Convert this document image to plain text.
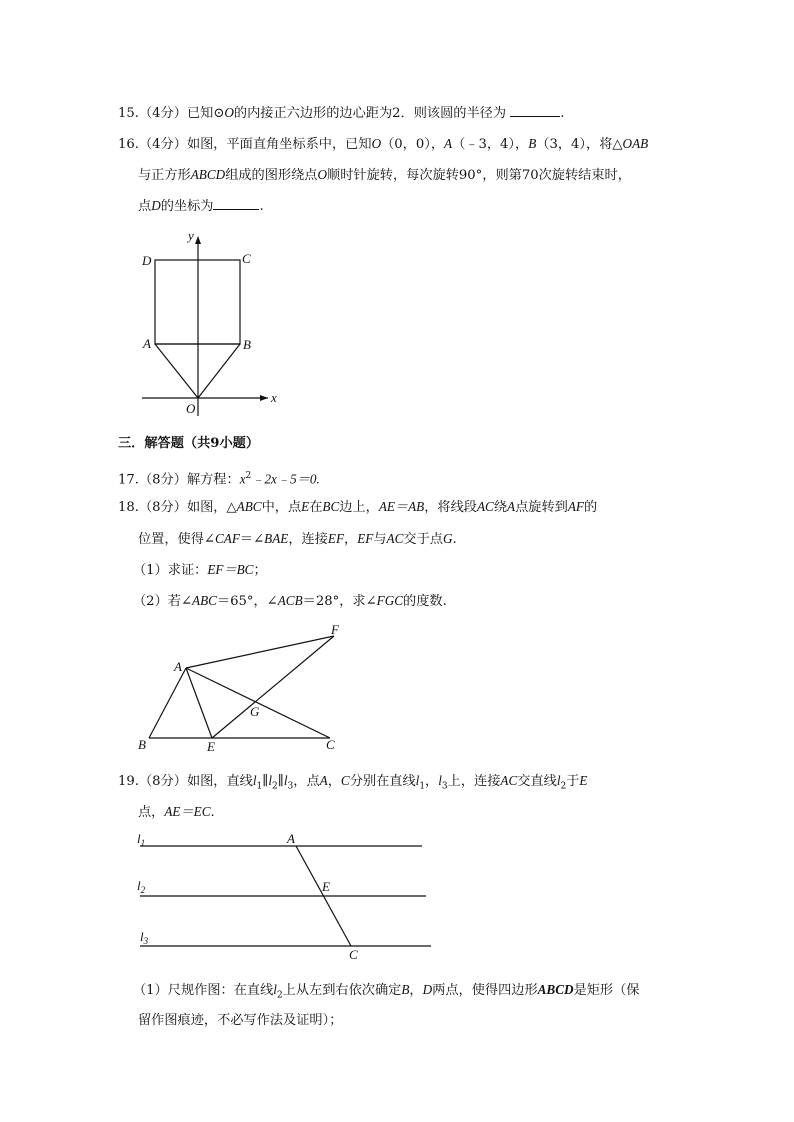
15.（4分）已知⊙O的内接正六边形的边心距为2．则该圆的半径为	.
16.（4分）如图，平面直角坐标系中，已知O（0，0），A（﹣3，4），B（3，4），将△OAB
与正方形ABCD组成的图形绕点O顺时针旋转，每次旋转90°，则第70次旋转结束时，
点D的坐标为	.
D	C
A	B
O
x
y
三．解答题（共9小题）
17.（8分）解方程：$x^2﹣2x﹣5=0$.
18.（8分）如图，△ABC中，点E在BC边上，AE＝AB，将线段AC绕A点旋转到AF的
位置，使得∠CAF＝∠BAE，连接EF，EF与AC交于点G.
（1）求证：EF＝BC；
（2）若∠ABC＝65°，∠ACB＝28°，求∠FGC的度数.
A
B	E	C
F
G
19.（8分）如图，直线$l_1\parallel l_2\parallel l_3$，点A，C分别在直线$l_1$，$l_3$上，连接AC交直线$l_2$于E
点，AE＝EC.
$l_1$
$l_2$
$l_3$
A
E
C
（1）尺规作图：在直线$l_2$上从左到右依次确定B，D两点，使得四边形ABCD是矩形（保
留作图痕迹，不必写作法及证明）；
